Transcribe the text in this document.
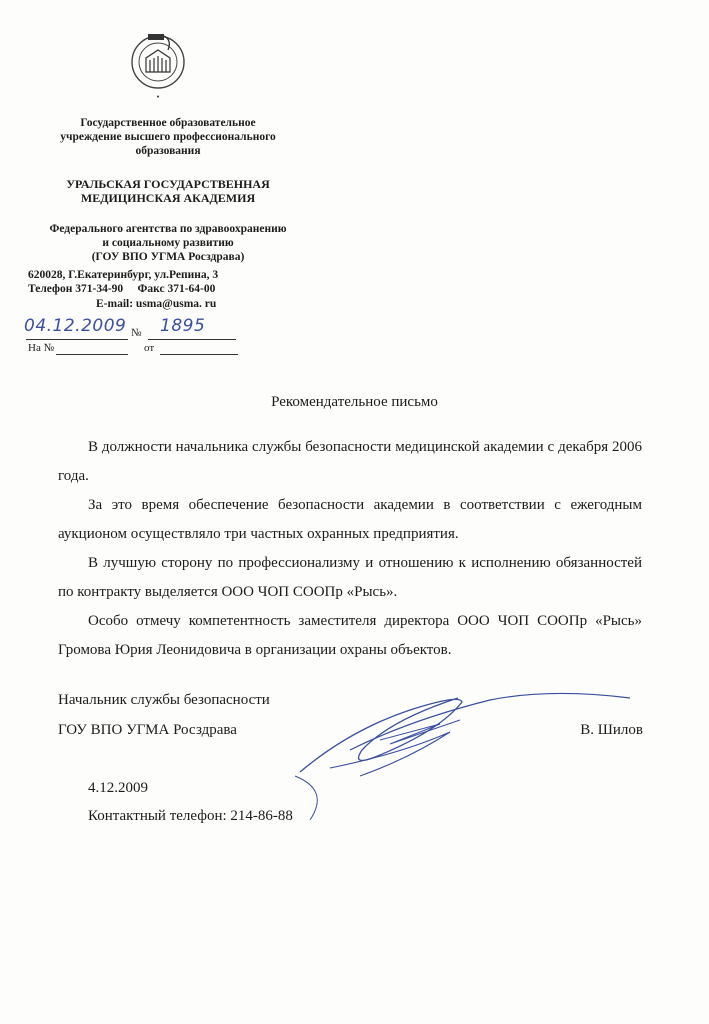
●
Государственное образовательное
учреждение высшего профессионального
образования
УРАЛЬСКАЯ ГОСУДАРСТВЕННАЯ
МЕДИЦИНСКАЯ АКАДЕМИЯ
Федерального агентства по здравоохранению
и социальному развитию
(ГОУ ВПО УГМА Росздрава)
620028, Г.Екатеринбург, ул.Репина, 3
Телефон 371-34-90     Факс 371-64-00
E-mail: usma@usma. ru
04.12.2009 № 1895
На №	от
Рекомендательное письмо

В должности начальника службы безопасности медицинской академии с декабря 2006 года.

За это время обеспечение безопасности академии в соответствии с ежегодным аукционом осуществляло три частных охранных предприятия.

В лучшую сторону по профессионализму и отношению к исполнению обязанностей по контракту выделяется ООО ЧОП СООПр «Рысь».

Особо отмечу компетентность заместителя директора ООО ЧОП СООПр «Рысь» Громова Юрия Леонидовича в организации охраны объектов.

Начальник службы безопасности
ГОУ ВПО УГМА Росздрава	В. Шилов
4.12.2009
Контактный телефон: 214-86-88
